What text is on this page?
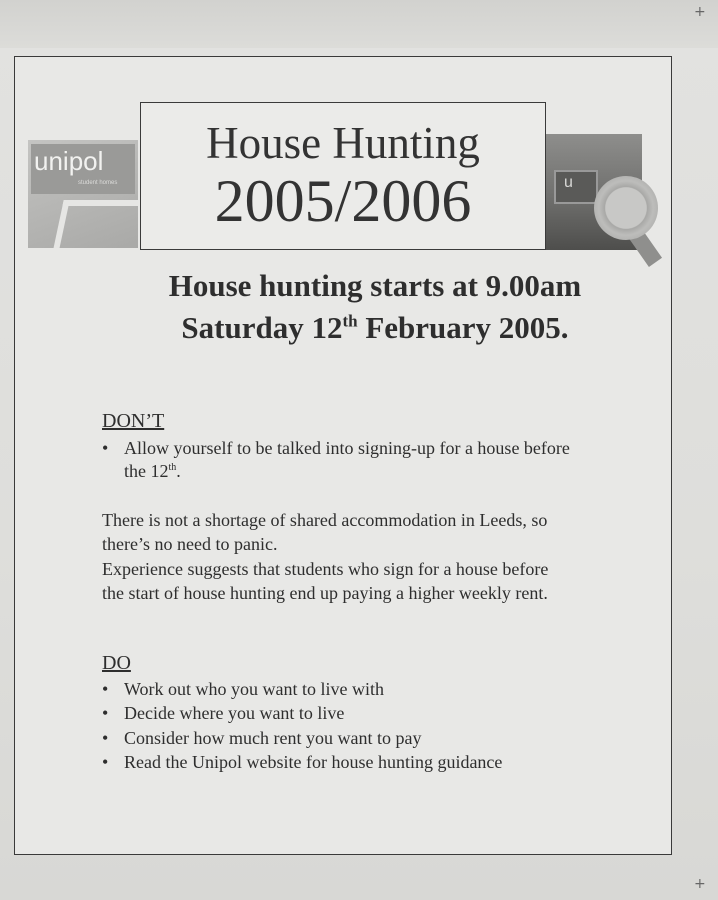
unipol
student homes	u
House Hunting
2005/2006
House hunting starts at 9.00am
Saturday 12th February 2005.
DON’T
• Allow yourself to be talked into signing-up for a house before
the 12th.
There is not a shortage of shared accommodation in Leeds, so
there’s no need to panic.
Experience suggests that students who sign for a house before
the start of house hunting end up paying a higher weekly rent.
DO
• Work out who you want to live with
• Decide where you want to live
• Consider how much rent you want to pay
• Read the Unipol website for house hunting guidance
+
+
